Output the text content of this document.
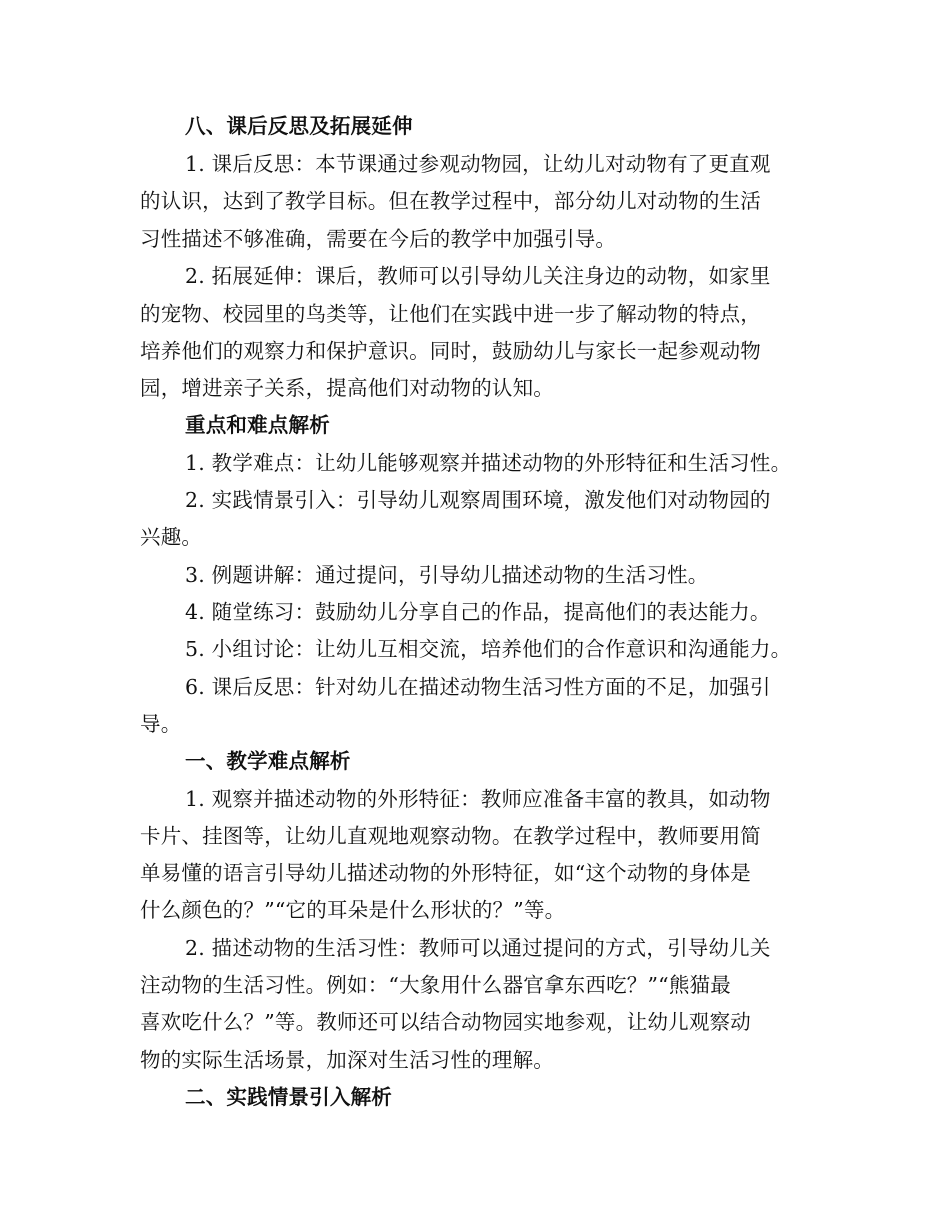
八、课后反思及拓展延伸
1. 课后反思：本节课通过参观动物园，让幼儿对动物有了更直观
的认识，达到了教学目标。但在教学过程中，部分幼儿对动物的生活
习性描述不够准确，需要在今后的教学中加强引导。
2. 拓展延伸：课后，教师可以引导幼儿关注身边的动物，如家里
的宠物、校园里的鸟类等，让他们在实践中进一步了解动物的特点，
培养他们的观察力和保护意识。同时，鼓励幼儿与家长一起参观动物
园，增进亲子关系，提高他们对动物的认知。
重点和难点解析
1. 教学难点：让幼儿能够观察并描述动物的外形特征和生活习性。
2. 实践情景引入：引导幼儿观察周围环境，激发他们对动物园的
兴趣。
3. 例题讲解：通过提问，引导幼儿描述动物的生活习性。
4. 随堂练习：鼓励幼儿分享自己的作品，提高他们的表达能力。
5. 小组讨论：让幼儿互相交流，培养他们的合作意识和沟通能力。
6. 课后反思：针对幼儿在描述动物生活习性方面的不足，加强引
导。
一、教学难点解析
1. 观察并描述动物的外形特征：教师应准备丰富的教具，如动物
卡片、挂图等，让幼儿直观地观察动物。在教学过程中，教师要用简
单易懂的语言引导幼儿描述动物的外形特征，如“这个动物的身体是
什么颜色的？”“它的耳朵是什么形状的？”等。
2. 描述动物的生活习性：教师可以通过提问的方式，引导幼儿关
注动物的生活习性。例如：“大象用什么器官拿东西吃？”“熊猫最
喜欢吃什么？”等。教师还可以结合动物园实地参观，让幼儿观察动
物的实际生活场景，加深对生活习性的理解。
二、实践情景引入解析
